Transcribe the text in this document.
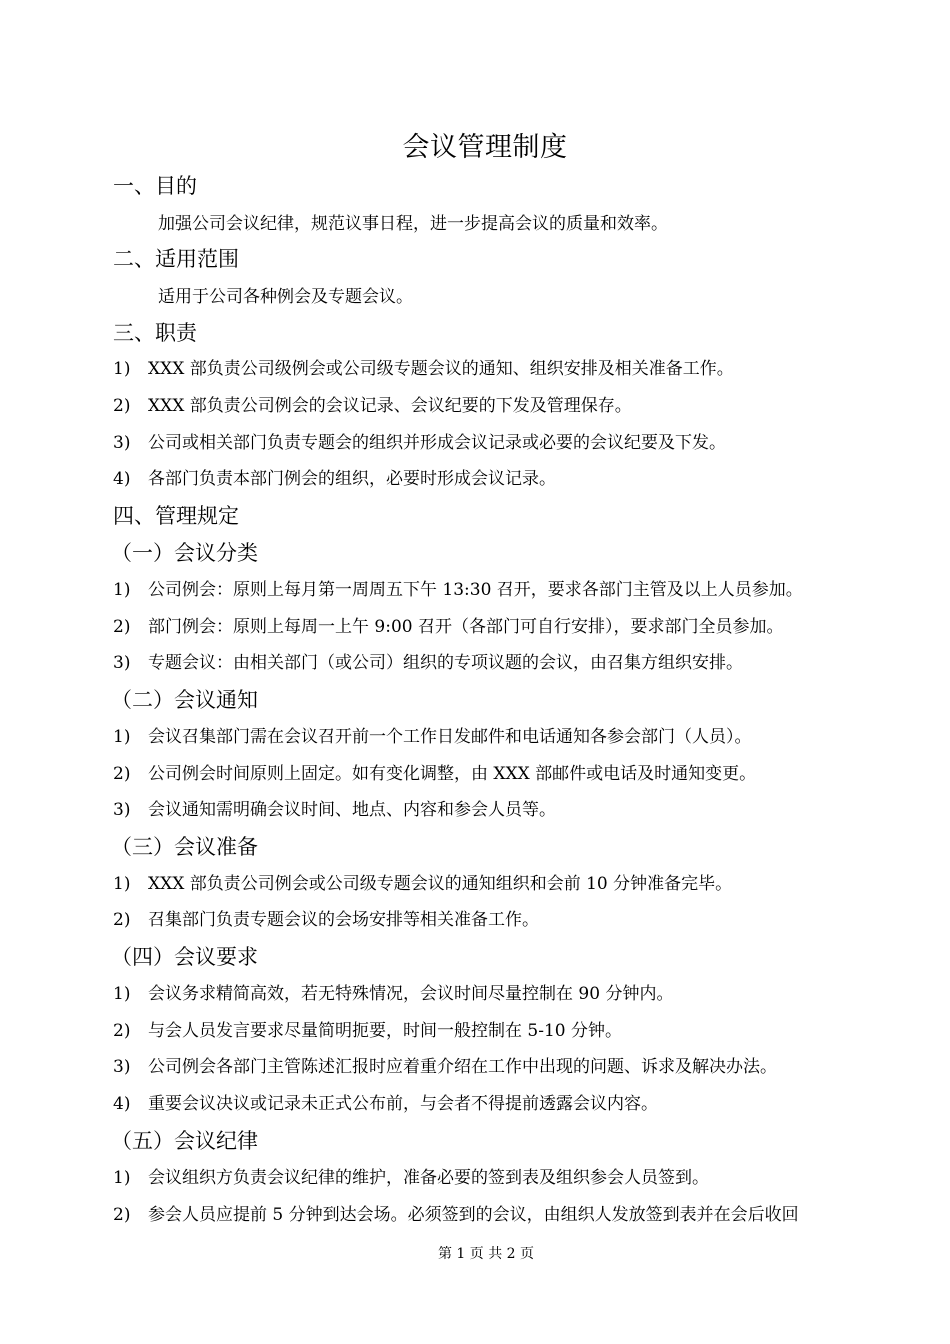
会议管理制度
一、目的
加强公司会议纪律，规范议事日程，进一步提高会议的质量和效率。
二、适用范围
适用于公司各种例会及专题会议。
三、职责
1) XXX 部负责公司级例会或公司级专题会议的通知、组织安排及相关准备工作。
2) XXX 部负责公司例会的会议记录、会议纪要的下发及管理保存。
3) 公司或相关部门负责专题会的组织并形成会议记录或必要的会议纪要及下发。
4) 各部门负责本部门例会的组织，必要时形成会议记录。
四、管理规定
（一）会议分类
1) 公司例会：原则上每月第一周周五下午 13:30 召开，要求各部门主管及以上人员参加。
2) 部门例会：原则上每周一上午 9:00 召开（各部门可自行安排），要求部门全员参加。
3) 专题会议：由相关部门（或公司）组织的专项议题的会议，由召集方组织安排。
（二）会议通知
1) 会议召集部门需在会议召开前一个工作日发邮件和电话通知各参会部门（人员）。
2) 公司例会时间原则上固定。如有变化调整，由 XXX 部邮件或电话及时通知变更。
3) 会议通知需明确会议时间、地点、内容和参会人员等。
（三）会议准备
1) XXX 部负责公司例会或公司级专题会议的通知组织和会前 10 分钟准备完毕。
2) 召集部门负责专题会议的会场安排等相关准备工作。
（四）会议要求
1) 会议务求精简高效，若无特殊情况，会议时间尽量控制在 90 分钟内。
2) 与会人员发言要求尽量简明扼要，时间一般控制在 5-10 分钟。
3) 公司例会各部门主管陈述汇报时应着重介绍在工作中出现的问题、诉求及解决办法。
4) 重要会议决议或记录未正式公布前，与会者不得提前透露会议内容。
（五）会议纪律
1) 会议组织方负责会议纪律的维护，准备必要的签到表及组织参会人员签到。
2) 参会人员应提前 5 分钟到达会场。必须签到的会议，由组织人发放签到表并在会后收回
第 1 页 共 2 页
